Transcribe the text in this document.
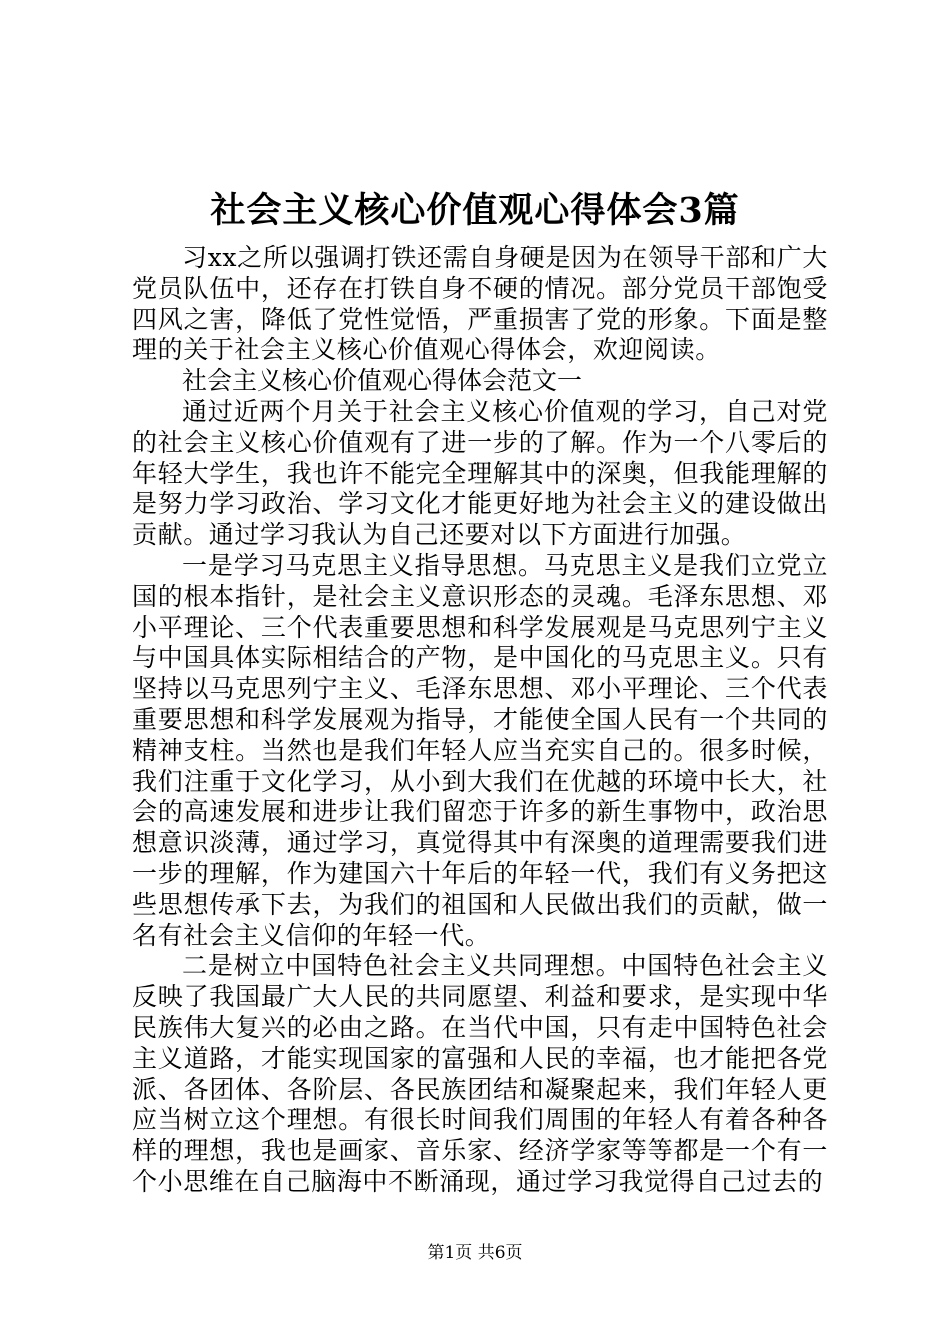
社会主义核心价值观心得体会3篇

习xx之所以强调打铁还需自身硬是因为在领导干部和广大党员队伍中，还存在打铁自身不硬的情况。部分党员干部饱受四风之害，降低了党性觉悟，严重损害了党的形象。下面是整理的关于社会主义核心价值观心得体会，欢迎阅读。

社会主义核心价值观心得体会范文一

通过近两个月关于社会主义核心价值观的学习，自己对党的社会主义核心价值观有了进一步的了解。作为一个八零后的年轻大学生，我也许不能完全理解其中的深奥，但我能理解的是努力学习政治、学习文化才能更好地为社会主义的建设做出贡献。通过学习我认为自己还要对以下方面进行加强。

一是学习马克思主义指导思想。马克思主义是我们立党立国的根本指针，是社会主义意识形态的灵魂。毛泽东思想、邓小平理论、三个代表重要思想和科学发展观是马克思列宁主义与中国具体实际相结合的产物，是中国化的马克思主义。只有坚持以马克思列宁主义、毛泽东思想、邓小平理论、三个代表重要思想和科学发展观为指导，才能使全国人民有一个共同的精神支柱。当然也是我们年轻人应当充实自己的。很多时候，我们注重于文化学习，从小到大我们在优越的环境中长大，社会的高速发展和进步让我们留恋于许多的新生事物中，政治思想意识淡薄，通过学习，真觉得其中有深奥的道理需要我们进一步的理解，作为建国六十年后的年轻一代，我们有义务把这些思想传承下去，为我们的祖国和人民做出我们的贡献，做一名有社会主义信仰的年轻一代。

二是树立中国特色社会主义共同理想。中国特色社会主义反映了我国最广大人民的共同愿望、利益和要求，是实现中华民族伟大复兴的必由之路。在当代中国，只有走中国特色社会主义道路，才能实现国家的富强和人民的幸福，也才能把各党派、各团体、各阶层、各民族团结和凝聚起来，我们年轻人更应当树立这个理想。有很长时间我们周围的年轻人有着各种各样的理想，我也是画家、音乐家、经济学家等等都是一个有一个小思维在自己脑海中不断涌现，通过学习我觉得自己过去的

第1页 共6页
